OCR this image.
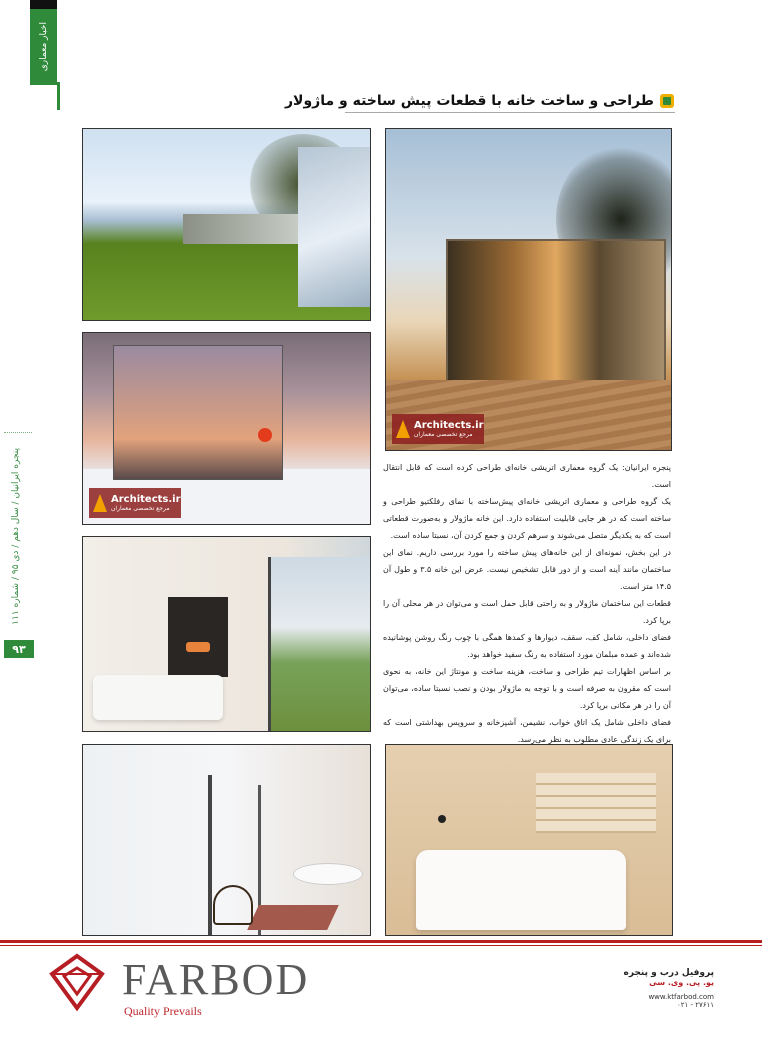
اخبار معماری
پنجره ایرانیان / سال دهم / دی ۹۵ / شماره ۱۱۱
۹۳
طراحی و ساخت خانه با قطعات پیش ساخته و ماژولار
Architects.ir
مرجع تخصصی معماران
Architects.ir
مرجع تخصصی معماران

پنجره ایرانیان: یک گروه معماری اتریشی خانه‌ای طراحی کرده است که قابل انتقال است.

یک گروه طراحی و معماری اتریشی خانه‌ای پیش‌ساخته با نمای رفلکتیو طراحی و ساخته است که در هر جایی قابلیت استفاده دارد. این خانه ماژولار و به‌صورت قطعاتی است که به یکدیگر متصل می‌شوند و سرهم کردن و جمع کردن آن، نسبتا ساده است.

در این بخش، نمونه‌ای از این خانه‌های پیش ساخته را مورد بررسی داریم. نمای این ساختمان مانند آینه است و از دور قابل تشخیص نیست. عرض این خانه ۳.۵ و طول آن ۱۴.۵ متر است.

قطعات این ساختمان ماژولار و به راحتی قابل حمل است و می‌توان در هر محلی آن را برپا کرد.

فضای داخلی، شامل کف، سقف، دیوارها و کمدها همگی با چوب رنگ روشن پوشانیده شده‌اند و عمده مبلمان مورد استفاده به رنگ سفید خواهد بود.

بر اساس اظهارات تیم طراحی و ساخت، هزینه ساخت و مونتاژ این خانه، به نحوی است که مقرون به صرفه است و با توجه به ماژولار بودن و نصب نسبتا ساده، می‌توان آن را در هر مکانی برپا کرد.

فضای داخلی شامل یک اتاق خواب، نشیمن، آشپزخانه و سرویس بهداشتی است که برای یک زندگی عادی مطلوب به نظر می‌رسد.

FARBOD
Quality Prevails
پروفیل درب و پنجره
یو. پی. وی. سی
www.ktfarbod.com
۰۲۱ - ۲۷۶۱۱
